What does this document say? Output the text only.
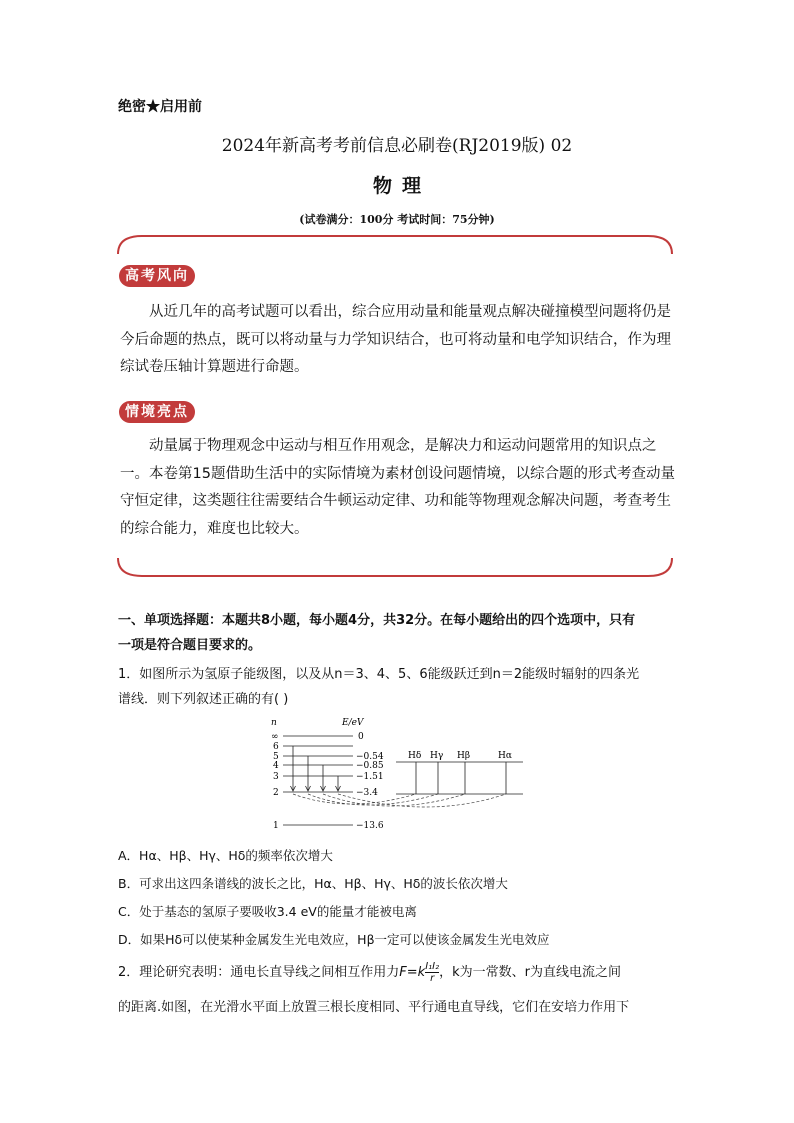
绝密★启用前
2024年新高考考前信息必刷卷(RJ2019版) 02
物理
(试卷满分：100分 考试时间：75分钟)
高考风向
从近几年的高考试题可以看出，综合应用动量和能量观点解决碰撞模型问题将仍是今后命题的热点，既可以将动量与力学知识结合，也可将动量和电学知识结合，作为理综试卷压轴计算题进行命题。
情境亮点
动量属于物理观念中运动与相互作用观念，是解决力和运动问题常用的知识点之一。本卷第15题借助生活中的实际情境为素材创设问题情境，以综合题的形式考查动量守恒定律，这类题往往需要结合牛顿运动定律、功和能等物理观念解决问题，考查考生的综合能力，难度也比较大。
一、单项选择题：本题共8小题，每小题4分，共32分。在每小题给出的四个选项中，只有
一项是符合题目要求的。
1．如图所示为氢原子能级图，以及从n＝3、4、5、6能级跃迁到n＝2能级时辐射的四条光
谱线．则下列叙述正确的有( )
n	E/eV
∞	0
6
5	−0.54
4	−0.85
3	−1.51
2	−3.4
1	−13.6
Hδ Hγ Hβ	Hα
A．Hα、Hβ、Hγ、Hδ的频率依次增大
B．可求出这四条谱线的波长之比，Hα、Hβ、Hγ、Hδ的波长依次增大
C．处于基态的氢原子要吸收3.4 eV的能量才能被电离
D．如果Hδ可以使某种金属发生光电效应，Hβ一定可以使该金属发生光电效应
2．理论研究表明：通电长直导线之间相互作用力$F=k \frac{\text{I₁I₂}}{r}$ ，k为一常数、r为直线电流之间
的距离.如图，在光滑水平面上放置三根长度相同、平行通电直导线，它们在安培力作用下
